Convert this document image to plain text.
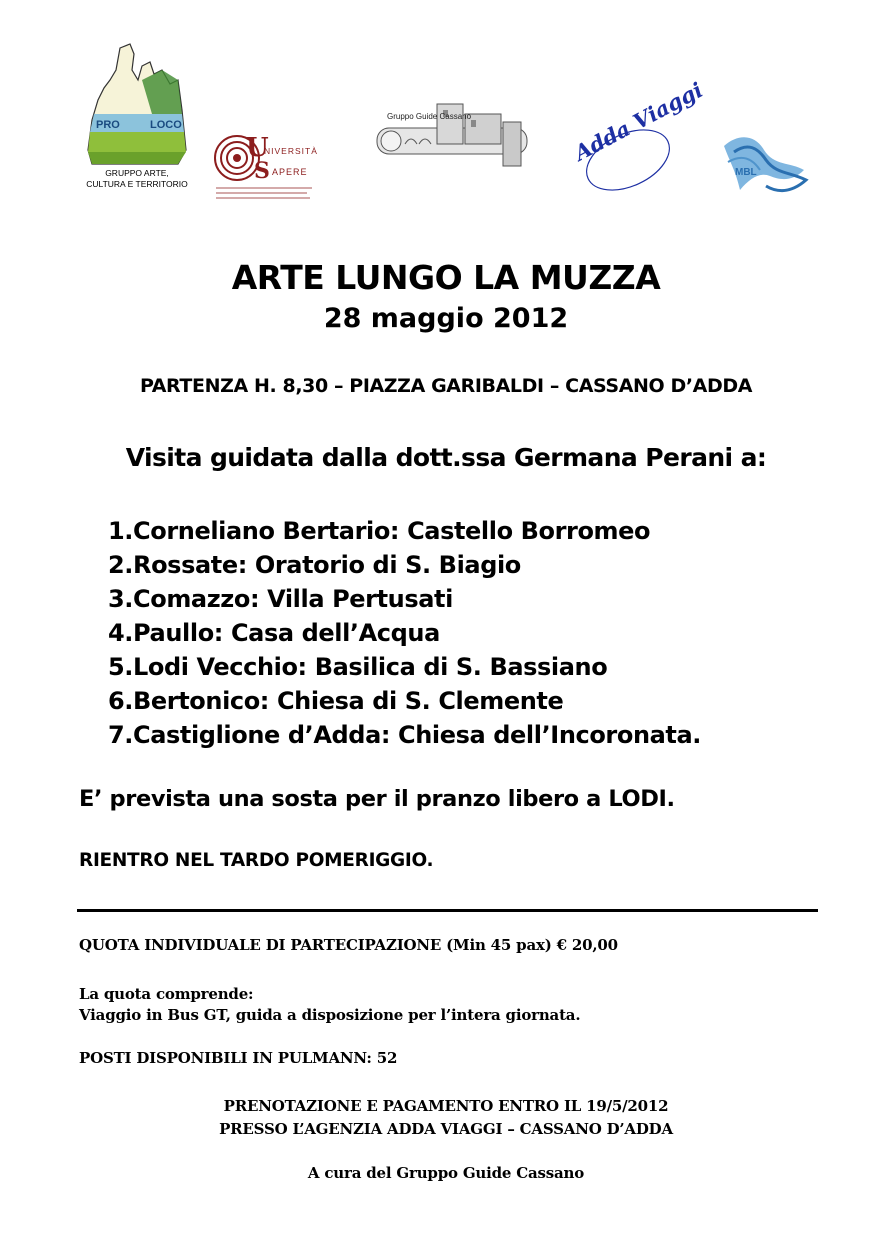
PRO	LOCO
GRUPPO ARTE,
CULTURA E TERRITORIO
U
S
NIVERSITÀ
APERE
Gruppo Guide Cassano	Adda Viaggi
MBL
ARTE LUNGO LA MUZZA
28 maggio 2012
PARTENZA H. 8,30 – PIAZZA GARIBALDI – CASSANO D’ADDA
Visita guidata dalla dott.ssa Germana Perani a:
1.Corneliano Bertario: Castello Borromeo
2.Rossate: Oratorio di S. Biagio
3.Comazzo: Villa Pertusati
4.Paullo: Casa dell’Acqua
5.Lodi Vecchio: Basilica di S. Bassiano
6.Bertonico: Chiesa di S. Clemente
7.Castiglione d’Adda: Chiesa dell’Incoronata.
E’ prevista una sosta per il pranzo libero a LODI.
RIENTRO NEL TARDO POMERIGGIO.
QUOTA INDIVIDUALE DI PARTECIPAZIONE (Min 45 pax) € 20,00
La quota comprende:
Viaggio in Bus GT, guida a disposizione per l’intera giornata.
POSTI DISPONIBILI IN PULMANN: 52
PRENOTAZIONE E PAGAMENTO ENTRO IL 19/5/2012
PRESSO L’AGENZIA ADDA VIAGGI – CASSANO D’ADDA
A cura del Gruppo Guide Cassano
